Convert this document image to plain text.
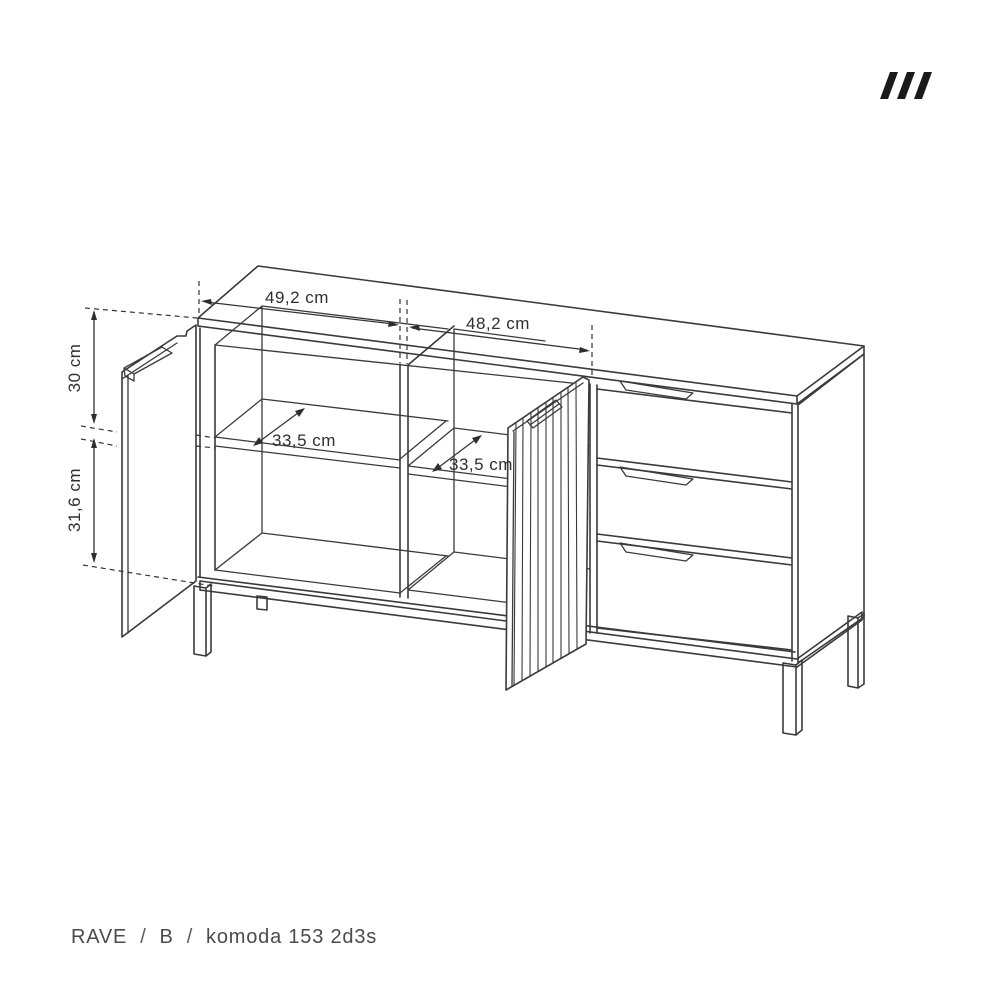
49,2 cm
48,2 cm
30 cm
31,6 cm
33,5 cm
33,5 cm
RAVE / B / komoda 153 2d3s
